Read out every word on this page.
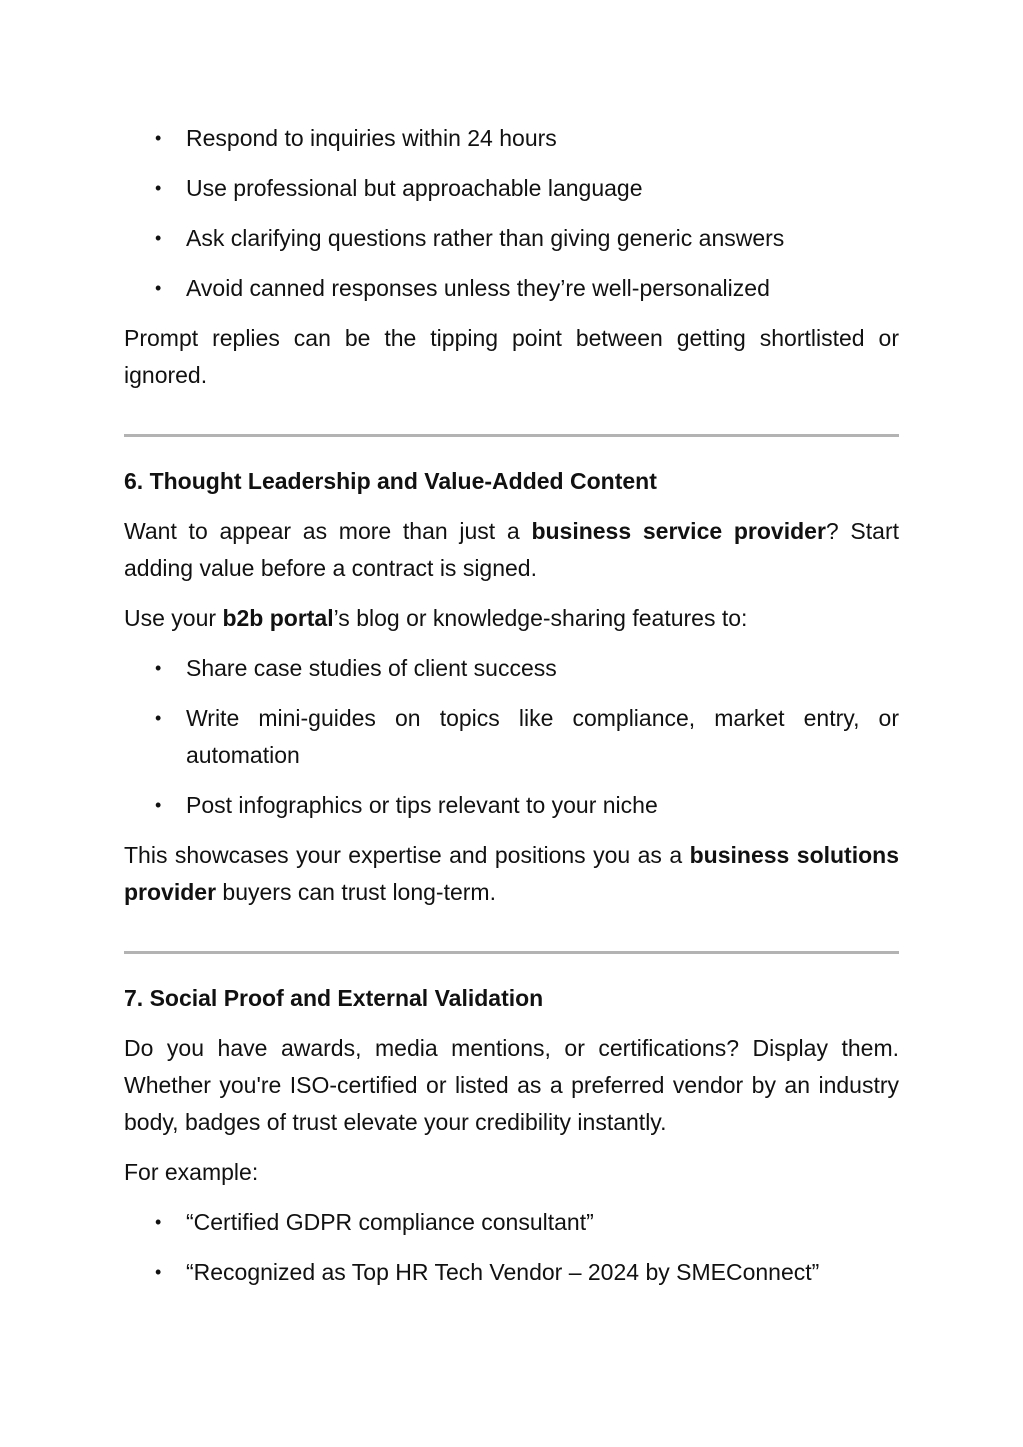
• Respond to inquiries within 24 hours
• Use professional but approachable language
• Ask clarifying questions rather than giving generic answers
• Avoid canned responses unless they’re well-personalized

Prompt replies can be the tipping point between getting shortlisted or ignored.

6. Thought Leadership and Value-Added Content

Want to appear as more than just a business service provider? Start adding value before a contract is signed.

Use your b2b portal’s blog or knowledge-sharing features to:

• Share case studies of client success
• Write mini-guides on topics like compliance, market entry, or automation
• Post infographics or tips relevant to your niche

This showcases your expertise and positions you as a business solutions provider buyers can trust long-term.

7. Social Proof and External Validation

Do you have awards, media mentions, or certifications? Display them. Whether you're ISO-certified or listed as a preferred vendor by an industry body, badges of trust elevate your credibility instantly.

For example:

• “Certified GDPR compliance consultant”
• “Recognized as Top HR Tech Vendor – 2024 by SMEConnect”
